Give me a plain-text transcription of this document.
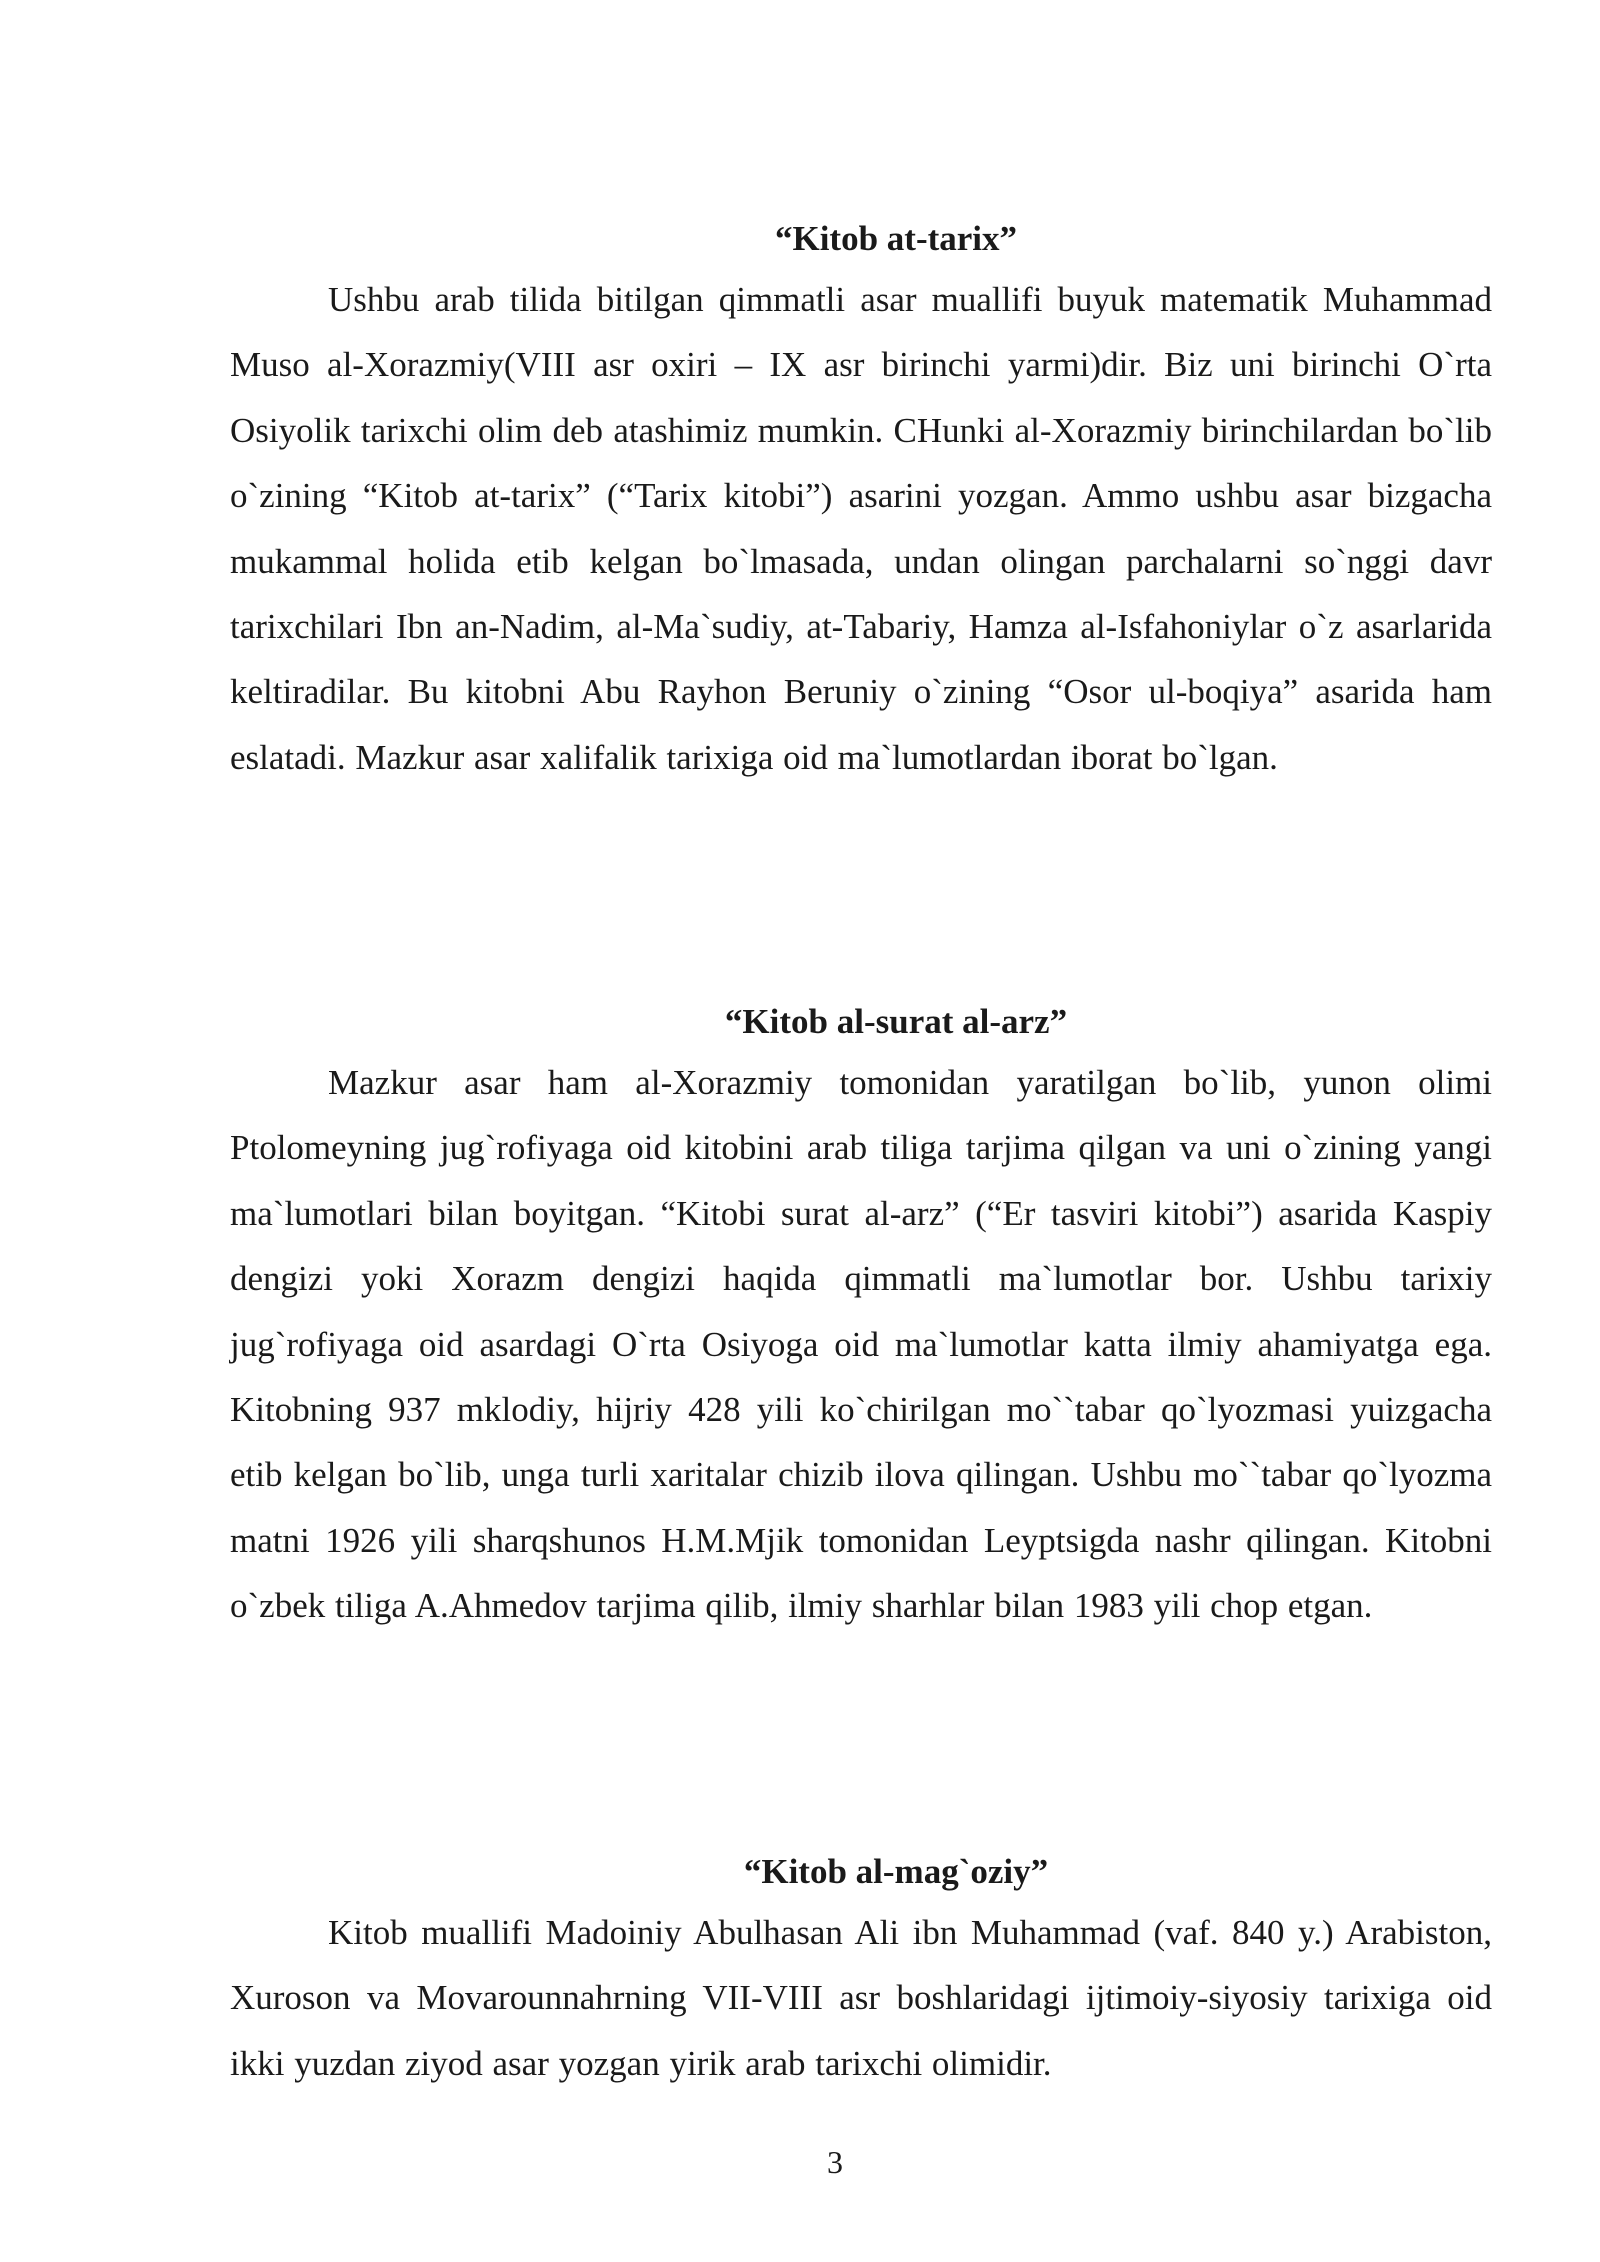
“Kitob at-tarix”

Ushbu arab tilida bitilgan qimmatli asar muallifi buyuk matematik Muhammad Muso al-Xorazmiy(VIII asr oxiri – IX asr birinchi yarmi)dir. Biz uni birinchi O`rta Osiyolik tarixchi olim deb atashimiz mumkin. CHunki al-Xorazmiy birinchilardan bo`lib o`zining “Kitob at-tarix” (“Tarix kitobi”) asarini yozgan. Ammo ushbu asar bizgacha mukammal holida etib kelgan bo`lmasada, undan olingan parchalarni so`nggi davr tarixchilari Ibn an-Nadim, al-Ma`sudiy, at-Tabariy, Hamza al-Isfahoniylar o`z asarlarida keltiradilar. Bu kitobni Abu Rayhon Beruniy o`zining “Osor ul-boqiya” asarida ham eslatadi. Mazkur asar xalifalik tarixiga oid ma`lumotlardan iborat bo`lgan.

“Kitob al-surat al-arz”

Mazkur asar ham al-Xorazmiy tomonidan yaratilgan bo`lib, yunon olimi Ptolomeyning jug`rofiyaga oid kitobini arab tiliga tarjima qilgan va uni o`zining yangi ma`lumotlari bilan boyitgan. “Kitobi surat al-arz” (“Er tasviri kitobi”) asarida Kaspiy dengizi yoki Xorazm dengizi haqida qimmatli ma`lumotlar bor. Ushbu tarixiy jug`rofiyaga oid asardagi O`rta Osiyoga oid ma`lumotlar katta ilmiy ahamiyatga ega. Kitobning 937 mklodiy, hijriy 428 yili ko`chirilgan mo``tabar qo`lyozmasi yuizgacha etib kelgan bo`lib, unga turli xaritalar chizib ilova qilingan. Ushbu mo``tabar qo`lyozma matni 1926 yili sharqshunos H.M.Mjik tomonidan Leyptsigda nashr qilingan. Kitobni o`zbek tiliga A.Ahmedov tarjima qilib, ilmiy sharhlar bilan 1983 yili chop etgan.

“Kitob al-mag`oziy”

Kitob muallifi Madoiniy Abulhasan Ali ibn Muhammad (vaf. 840 y.) Arabiston, Xuroson va Movarounnahrning VII-VIII asr boshlaridagi ijtimoiy-siyosiy tarixiga oid ikki yuzdan ziyod asar yozgan yirik arab tarixchi olimidir.

3
